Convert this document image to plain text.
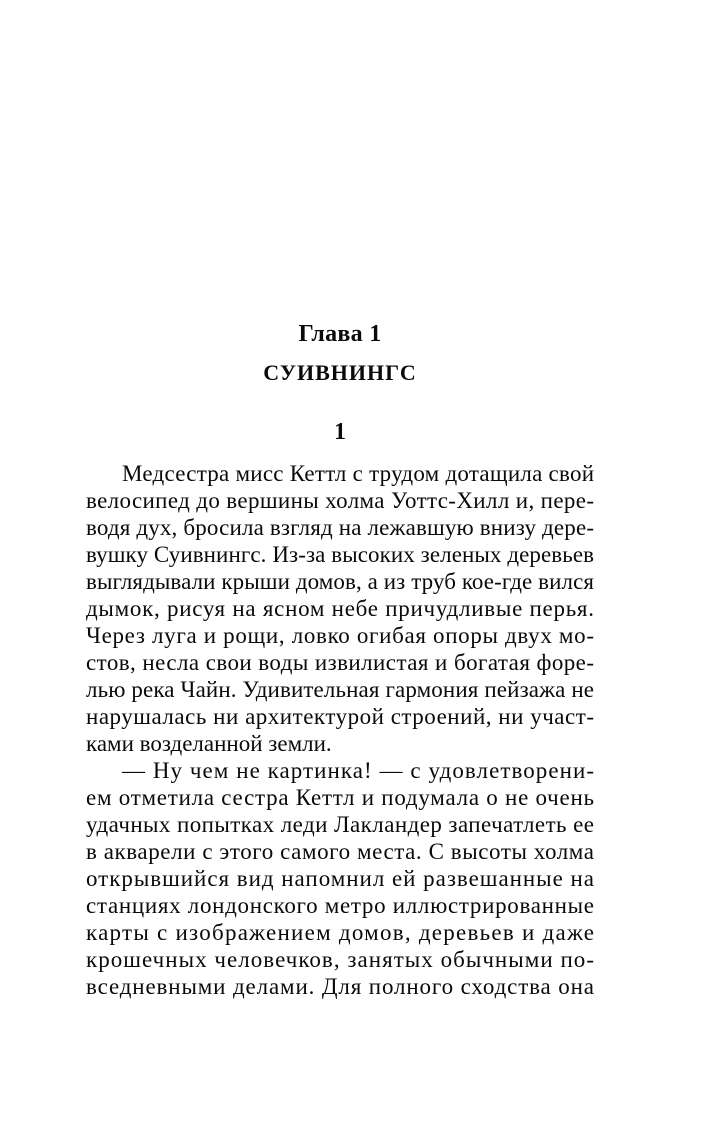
Глава 1
СУИВНИНГС
1
Медсестра мисс Кеттл с трудом дотащила свой
велосипед до вершины холма Уоттс-Хилл и, пере-
водя дух, бросила взгляд на лежавшую внизу дере-
вушку Суивнингс. Из-за высоких зеленых деревьев
выглядывали крыши домов, а из труб кое-где вился
дымок, рисуя на ясном небе причудливые перья.
Через луга и рощи, ловко огибая опоры двух мо-
стов, несла свои воды извилистая и богатая форе-
лью река Чайн. Удивительная гармония пейзажа не
нарушалась ни архитектурой строений, ни участ-
ками возделанной земли.
— Ну чем не картинка! — с удовлетворени-
ем отметила сестра Кеттл и подумала о не очень
удачных попытках леди Лакландер запечатлеть ее
в акварели с этого самого места. С высоты холма
открывшийся вид напомнил ей развешанные на
станциях лондонского метро иллюстрированные
карты с изображением домов, деревьев и даже
крошечных человечков, занятых обычными по-
вседневными делами. Для полного сходства она
